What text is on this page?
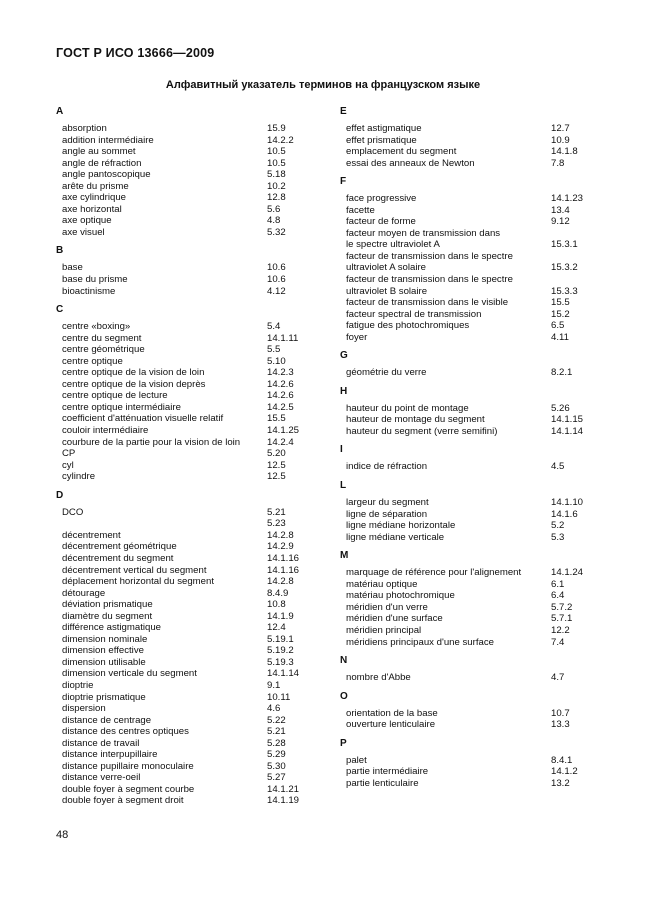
ГОСТ Р ИСО 13666—2009
Алфавитный указатель терминов на французском языке
A
absorption	15.9
addition intermédiaire	14.2.2
angle au sommet	10.5
angle de réfraction	10.5
angle pantoscopique	5.18
arête du prisme	10.2
axe cylindrique	12.8
axe horizontal	5.6
axe optique	4.8
axe visuel	5.32
B
base	10.6
base du prisme	10.6
bioactinisme	4.12
C
centre «boxing»	5.4
centre du segment	14.1.11
centre géométrique	5.5
centre optique	5.10
centre optique de la vision de loin	14.2.3
centre optique de la vision deprès	14.2.6
centre optique de lecture	14.2.6
centre optique intermédiaire	14.2.5
coefficient d'atténuation visuelle relatif	15.5
couloir intermédiaire	14.1.25
courbure de la partie pour la vision de loin	14.2.4
CP	5.20
cyl	12.5
cylindre	12.5
D
DCO	5.21
5.23
décentrement	14.2.8
décentrement géométrique	14.2.9
décentrement du segment	14.1.16
décentrement vertical du segment	14.1.16
déplacement horizontal du segment	14.2.8
détourage	8.4.9
déviation prismatique	10.8
diamètre du segment	14.1.9
différence astigmatique	12.4
dimension nominale	5.19.1
dimension effective	5.19.2
dimension utilisable	5.19.3
dimension verticale du segment	14.1.14
dioptrie	9.1
dioptrie prismatique	10.11
dispersion	4.6
distance de centrage	5.22
distance des centres optiques	5.21
distance de travail	5.28
distance interpupillaire	5.29
distance pupillaire monoculaire	5.30
distance verre-oeil	5.27
double foyer à segment courbe	14.1.21
double foyer à segment droit	14.1.19
E
effet astigmatique	12.7
effet prismatique	10.9
emplacement du segment	14.1.8
essai des anneaux de Newton	7.8
F
face progressive	14.1.23
facette	13.4
facteur de forme	9.12
facteur moyen de transmission dans
le spectre ultraviolet A	15.3.1
facteur de transmission dans le spectre
ultraviolet A solaire	15.3.2
facteur de transmission dans le spectre
ultraviolet B solaire	15.3.3
facteur de transmission dans le visible	15.5
facteur spectral de transmission	15.2
fatigue des photochromiques	6.5
foyer	4.11
G
géométrie du verre	8.2.1
H
hauteur du point de montage	5.26
hauteur de montage du segment	14.1.15
hauteur du segment (verre semifini)	14.1.14
I
indice de réfraction	4.5
L
largeur du segment	14.1.10
ligne de séparation	14.1.6
ligne médiane horizontale	5.2
ligne médiane verticale	5.3
M
marquage de référence pour l'alignement	14.1.24
matériau optique	6.1
matériau photochromique	6.4
méridien d'un verre	5.7.2
méridien d'une surface	5.7.1
méridien principal	12.2
méridiens principaux d'une surface	7.4
N
nombre d'Abbe	4.7
O
orientation de la base	10.7
ouverture lenticulaire	13.3
P
palet	8.4.1
partie intermédiaire	14.1.2
partie lenticulaire	13.2
48
